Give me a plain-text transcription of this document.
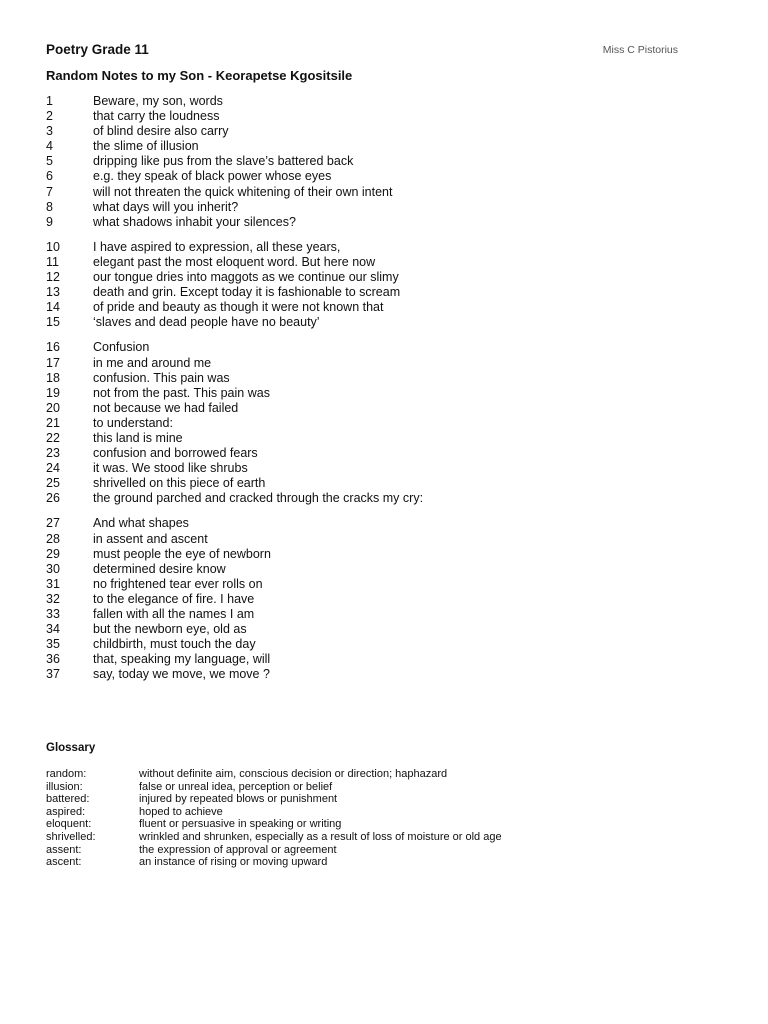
Poetry Grade 11	Miss C Pistorius
Random Notes to my Son - Keorapetse Kgositsile
1	Beware, my son, words
2	that carry the loudness
3	of blind desire also carry
4	the slime of illusion
5	dripping like pus from the slave’s battered back
6	e.g. they speak of black power whose eyes
7	will not threaten the quick whitening of their own intent
8	what days will you inherit?
9	what shadows inhabit your silences?
10	I have aspired to expression, all these years,
11	elegant past the most eloquent word. But here now
12	our tongue dries into maggots as we continue our slimy
13	death and grin. Except today it is fashionable to scream
14	of pride and beauty as though it were not known that
15	‘slaves and dead people have no beauty’
16	Confusion
17	in me and around me
18	confusion. This pain was
19	not from the past. This pain was
20	not because we had failed
21	to understand:
22	this land is mine
23	confusion and borrowed fears
24	it was. We stood like shrubs
25	shrivelled on this piece of earth
26	the ground parched and cracked through the cracks my cry:
27	And what shapes
28	in assent and ascent
29	must people the eye of newborn
30	determined desire know
31	no frightened tear ever rolls on
32	to the elegance of fire. I have
33	fallen with all the names I am
34	but the newborn eye, old as
35	childbirth, must touch the day
36	that, speaking my language, will
37	say, today we move, we move ?
Glossary
random:	without definite aim, conscious decision or direction; haphazard
illusion:	false or unreal idea, perception or belief
battered:	injured by repeated blows or punishment
aspired:	hoped to achieve
eloquent:	fluent or persuasive in speaking or writing
shrivelled:	wrinkled and shrunken, especially as a result of loss of moisture or old age
assent:	the expression of approval or agreement
ascent:	an instance of rising or moving upward
